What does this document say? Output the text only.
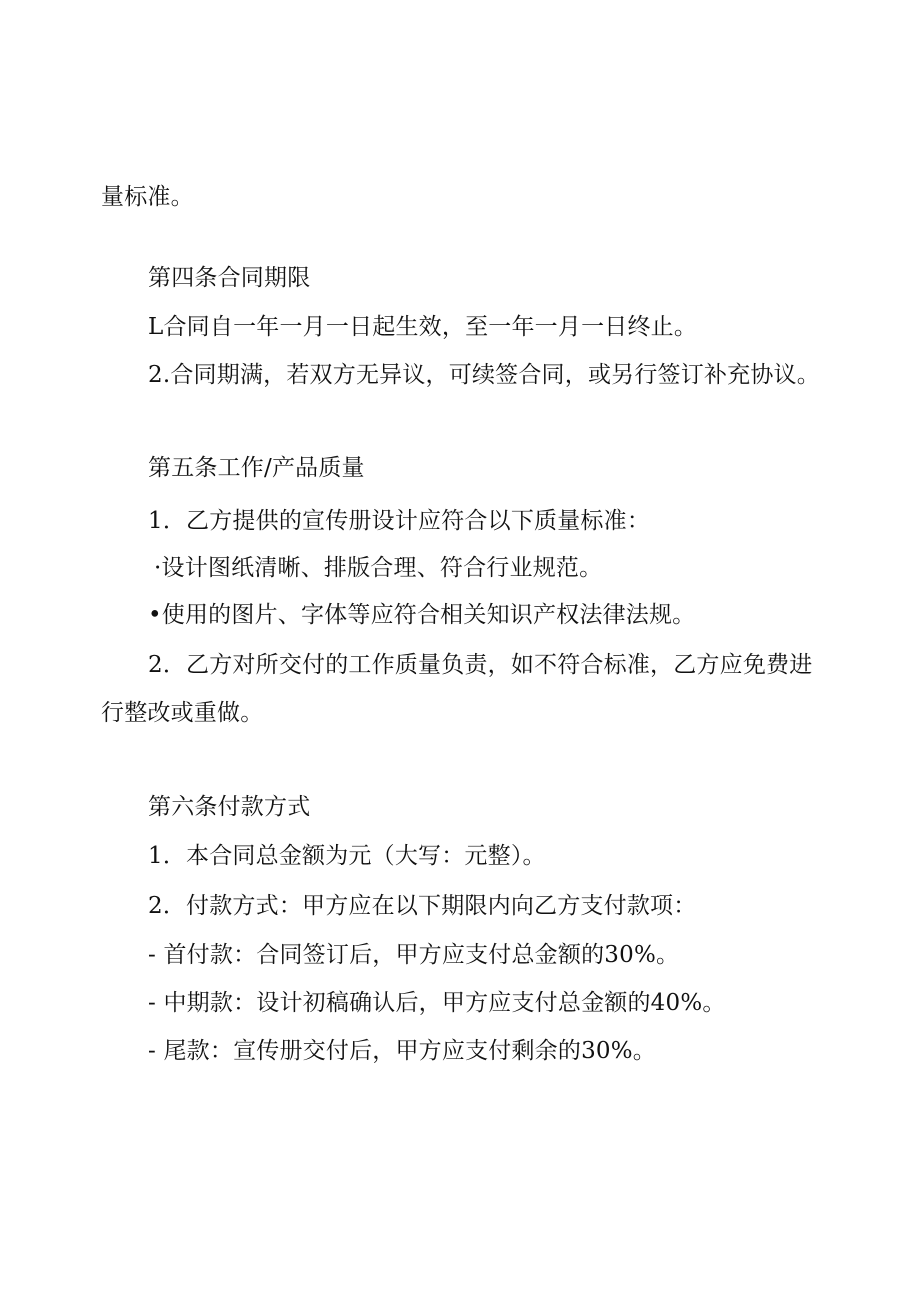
量标准。
第四条合同期限
L合同自一年一月一日起生效，至一年一月一日终止。
2.合同期满，若双方无异议，可续签合同，或另行签订补充协议。
第五条工作/产品质量
1．乙方提供的宣传册设计应符合以下质量标准：
·设计图纸清晰、排版合理、符合行业规范。
•使用的图片、字体等应符合相关知识产权法律法规。
2．乙方对所交付的工作质量负责，如不符合标准，乙方应免费进
行整改或重做。
第六条付款方式
1．本合同总金额为元（大写：元整）。
2．付款方式：甲方应在以下期限内向乙方支付款项：
- 首付款：合同签订后，甲方应支付总金额的30%。
- 中期款：设计初稿确认后，甲方应支付总金额的40%。
- 尾款：宣传册交付后，甲方应支付剩余的30%。
